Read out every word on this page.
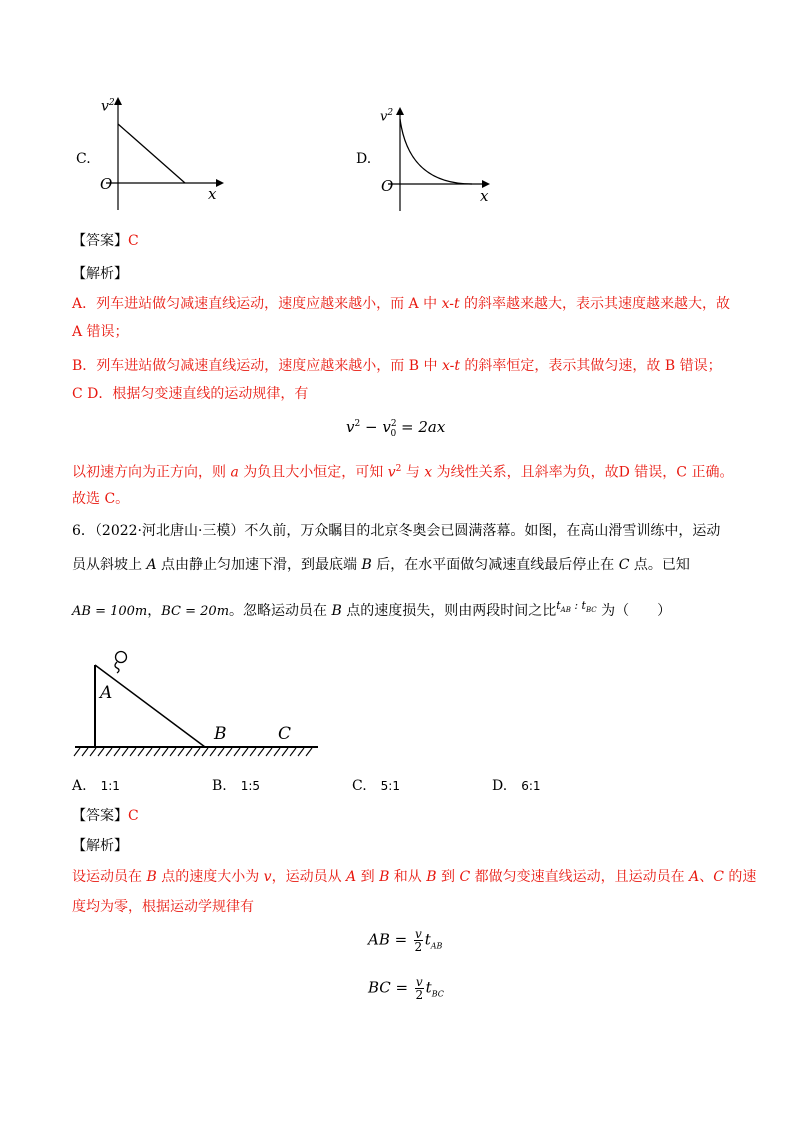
C.
$v^2$
O
x
D.
$v^2$
O
x
【答案】C
【解析】
A．列车进站做匀减速直线运动，速度应越来越小，而 A 中 x-t 的斜率越来越大，表示其速度越来越大，故
A 错误；
B．列车进站做匀减速直线运动，速度应越来越小，而 B 中 x-t 的斜率恒定，表示其做匀速，故 B 错误；
C D．根据匀变速直线的运动规律，有
$v^2 - v^2_0 = 2ax$
以初速方向为正方向，则 a 为负且大小恒定，可知 $v^2$ 与 x 为线性关系，且斜率为负，故D 错误，C 正确。
故选 C。
6．（2022·河北唐山·三模）不久前，万众瞩目的北京冬奥会已圆满落幕。如图，在高山滑雪训练中，运动
员从斜坡上 A 点由静止匀加速下滑，到最底端 B 后，在水平面做匀减速直线最后停止在 C 点。已知
AB = 100m，BC = 20m。忽略运动员在 B 点的速度损失，则由两段时间之比$^{t_{AB} : t_{BC}}$ 为（　　）
A
B	C
A. 1:1	B. 1:5	C. 5:1	D. 6:1
【答案】C
【解析】
设运动员在 B 点的速度大小为 v，运动员从 A 到 B 和从 B 到 C 都做匀变速直线运动，且运动员在 A、C 的速
度均为零，根据运动学规律有
AB = $\frac{v}{2} t_{AB}$
BC = $\frac{v}{2} t_{BC}$
